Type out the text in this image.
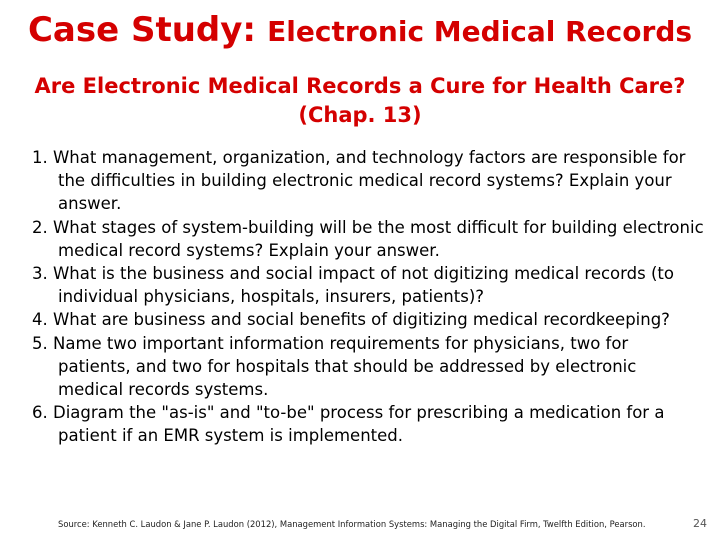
Case Study: Electronic Medical Records
Are Electronic Medical Records a Cure for Health Care? (Chap. 13)
1. What management, organization, and technology factors are responsible for the difficulties in building electronic medical record systems? Explain your answer.
2. What stages of system-building will be the most difficult for building electronic medical record systems? Explain your answer.
3. What is the business and social impact of not digitizing medical records (to individual physicians, hospitals, insurers, patients)?
4. What are business and social benefits of digitizing medical recordkeeping?
5. Name two important information requirements for physicians, two for patients, and two for hospitals that should be addressed by electronic medical records systems.
6. Diagram the "as-is" and "to-be" process for prescribing a medication for a patient if an EMR system is implemented.
Source: Kenneth C. Laudon & Jane P. Laudon (2012), Management Information Systems: Managing the Digital Firm, Twelfth Edition, Pearson.	24
